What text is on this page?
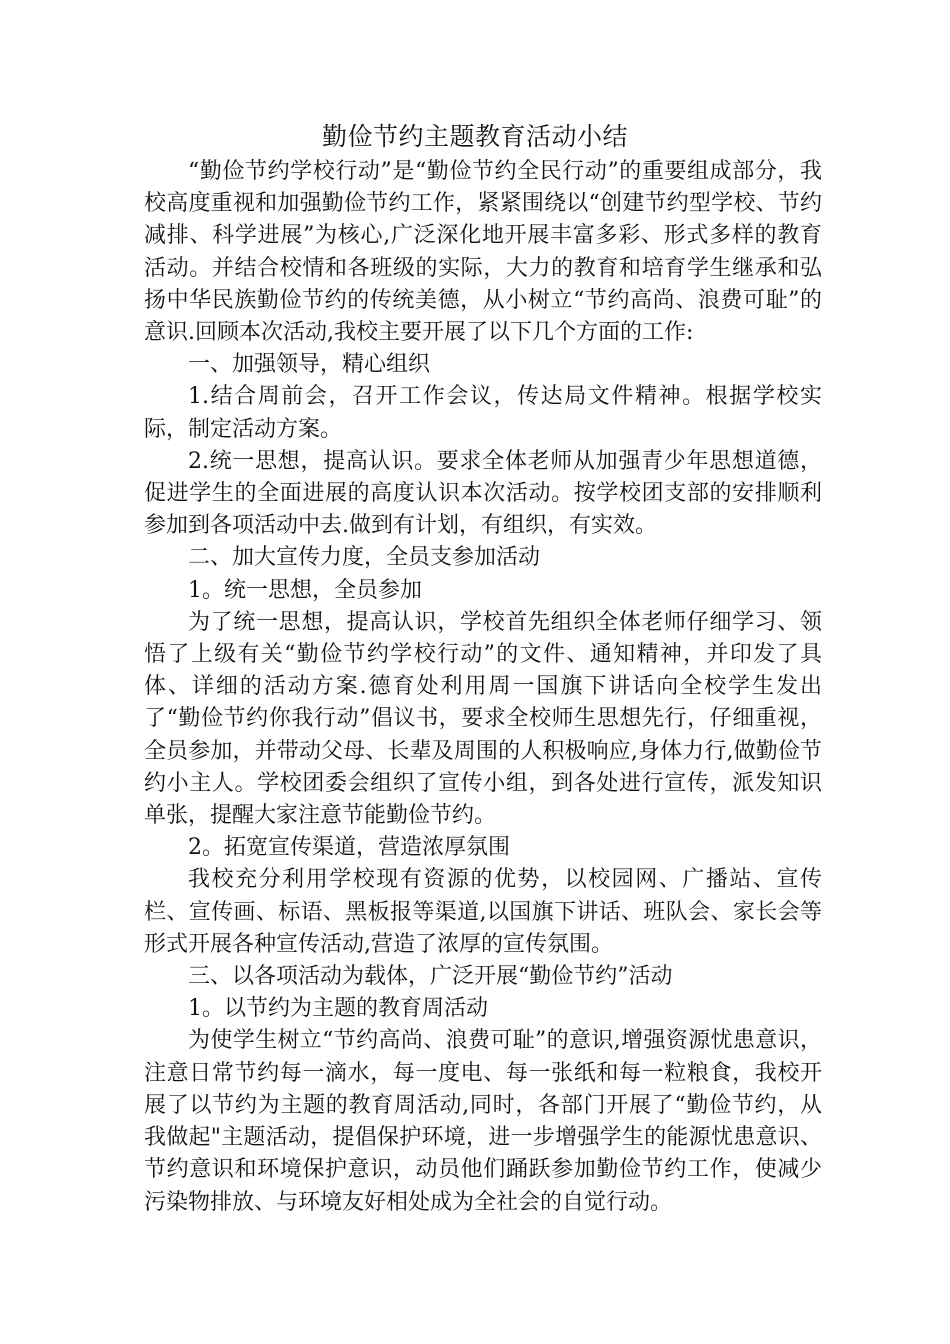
勤俭节约主题教育活动小结

“勤俭节约学校行动”是“勤俭节约全民行动”的重要组成部分，我校高度重视和加强勤俭节约工作，紧紧围绕以“创建节约型学校、节约减排、科学进展”为核心,广泛深化地开展丰富多彩、形式多样的教育活动。并结合校情和各班级的实际，大力的教育和培育学生继承和弘扬中华民族勤俭节约的传统美德，从小树立“节约高尚、浪费可耻”的意识.回顾本次活动,我校主要开展了以下几个方面的工作:

一、加强领导，精心组织

1.结合周前会，召开工作会议，传达局文件精神。根据学校实际，制定活动方案。

2.统一思想，提高认识。要求全体老师从加强青少年思想道德，促进学生的全面进展的高度认识本次活动。按学校团支部的安排顺利参加到各项活动中去.做到有计划，有组织，有实效。

二、加大宣传力度，全员支参加活动

1。统一思想，全员参加

为了统一思想，提高认识，学校首先组织全体老师仔细学习、领悟了上级有关“勤俭节约学校行动”的文件、通知精神，并印发了具体、详细的活动方案.德育处利用周一国旗下讲话向全校学生发出了“勤俭节约你我行动”倡议书，要求全校师生思想先行，仔细重视，全员参加，并带动父母、长辈及周围的人积极响应,身体力行,做勤俭节约小主人。学校团委会组织了宣传小组，到各处进行宣传，派发知识单张，提醒大家注意节能勤俭节约。

2。拓宽宣传渠道，营造浓厚氛围

我校充分利用学校现有资源的优势，以校园网、广播站、宣传栏、宣传画、标语、黑板报等渠道,以国旗下讲话、班队会、家长会等形式开展各种宣传活动,营造了浓厚的宣传氛围。

三、以各项活动为载体，广泛开展“勤俭节约”活动

1。以节约为主题的教育周活动

为使学生树立“节约高尚、浪费可耻”的意识,增强资源忧患意识，注意日常节约每一滴水，每一度电、每一张纸和每一粒粮食，我校开展了以节约为主题的教育周活动,同时，各部门开展了“勤俭节约，从我做起"主题活动，提倡保护环境，进一步增强学生的能源忧患意识、节约意识和环境保护意识，动员他们踊跃参加勤俭节约工作，使减少污染物排放、与环境友好相处成为全社会的自觉行动。
